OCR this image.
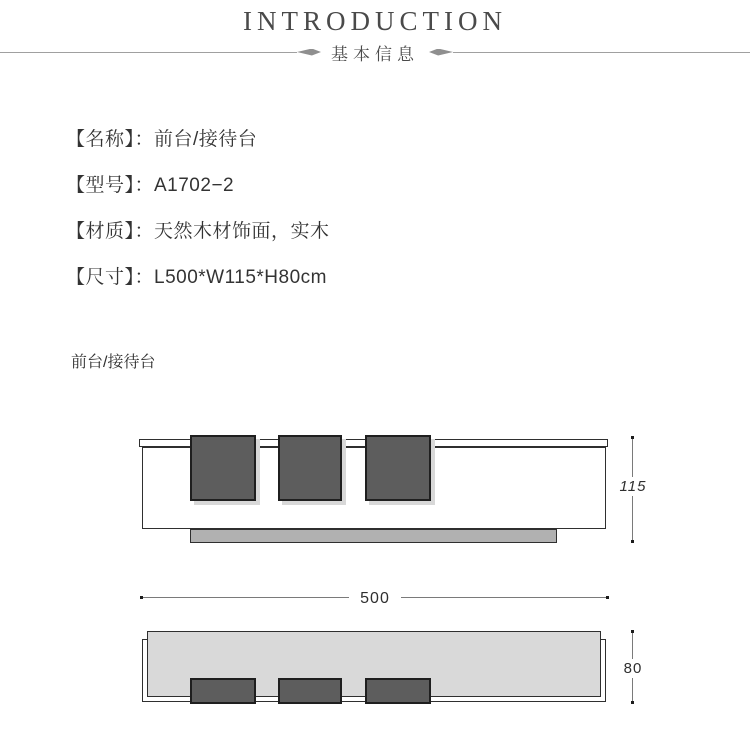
INTRODUCTION
基本信息
【名称】：前台/接待台
【型号】：A1702−2
【材质】：天然木材饰面，实木
【尺寸】：L500*W115*H80cm
前台/接待台
115
500
80
